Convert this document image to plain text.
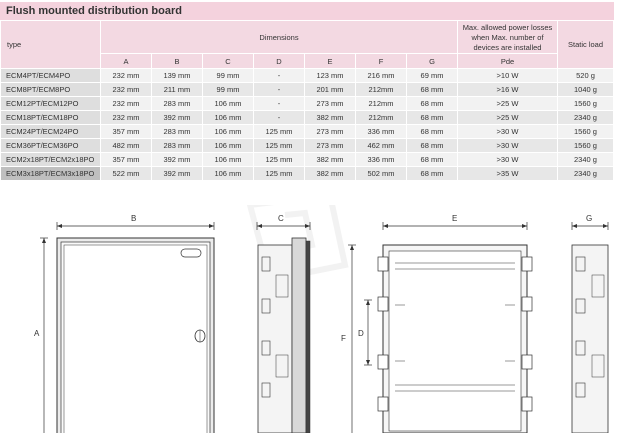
Flush mounted distribution board
type	Dimensions							Max. allowed power losses when Max. number of devices are installed	Static load

	A	B	C	D	E	F	G	Pde	
ECM4PT/ECM4PO	232 mm	139 mm	99 mm	-	123 mm	216 mm	69 mm	>10 W	520 g
ECM8PT/ECM8PO	232 mm	211 mm	99 mm	-	201 mm	212mm	68 mm	>16 W	1040 g
ECM12PT/ECM12PO	232 mm	283 mm	106 mm	-	273 mm	212mm	68 mm	>25 W	1560 g
ECM18PT/ECM18PO	232 mm	392 mm	106 mm	-	382 mm	212mm	68 mm	>25 W	2340 g
ECM24PT/ECM24PO	357 mm	283 mm	106 mm	125 mm	273 mm	336 mm	68 mm	>30 W	1560 g
ECM36PT/ECM36PO	482 mm	283 mm	106 mm	125 mm	273 mm	462 mm	68 mm	>30 W	1560 g
ECM2x18PT/ECM2x18PO	357 mm	392 mm	106 mm	125 mm	382 mm	336 mm	68 mm	>30 W	2340 g
ECM3x18PT/ECM3x18PO	522 mm	392 mm	106 mm	125 mm	382 mm	502 mm	68 mm	>35 W	2340 g
B
A
C	E
F
D
G
